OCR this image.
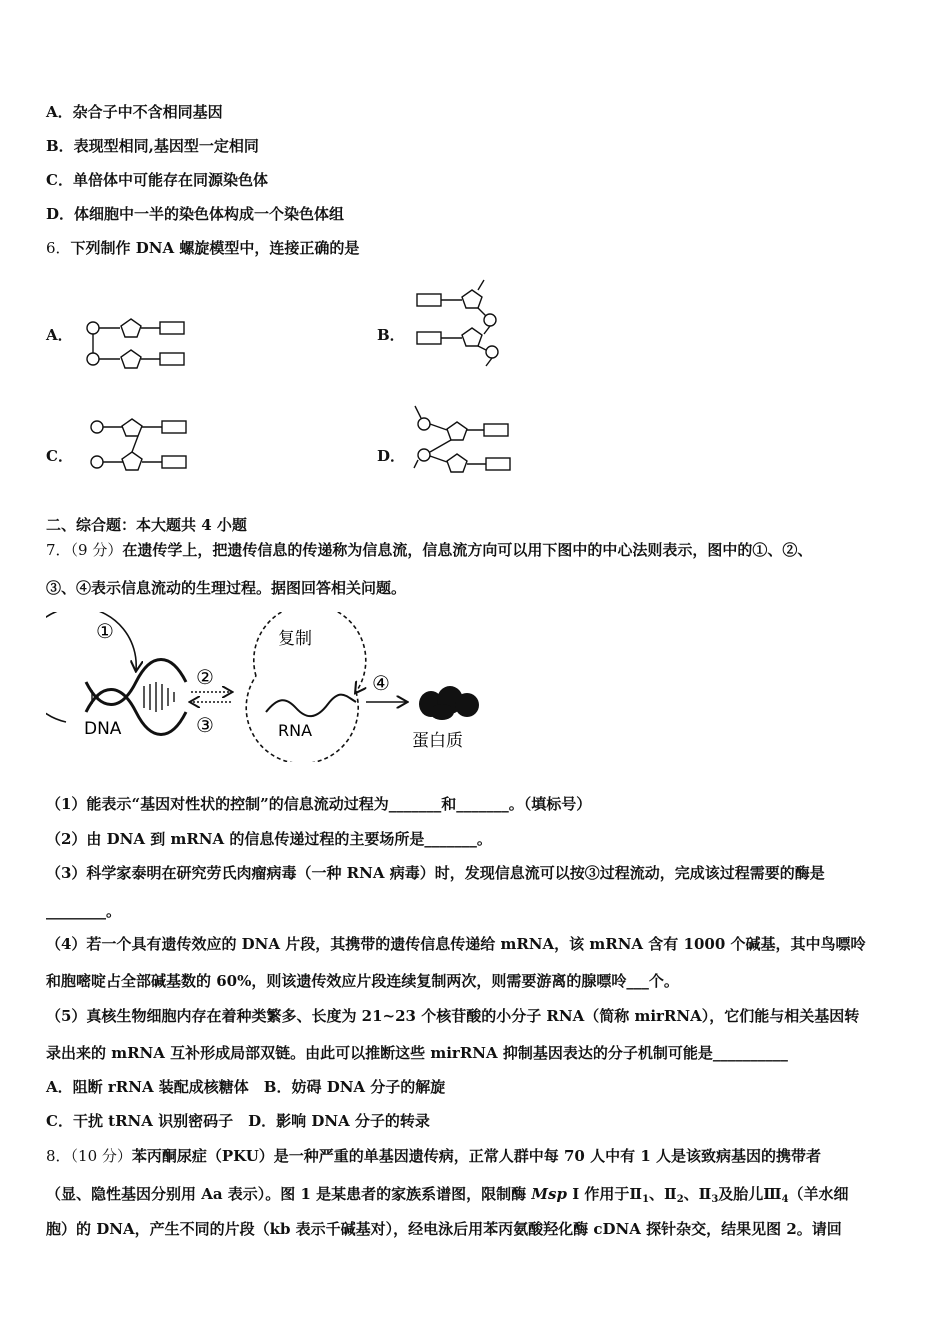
A．杂合子中不含相同基因
B．表现型相同,基因型一定相同
C．单倍体中可能存在同源染色体
D．体细胞中一半的染色体构成一个染色体组
6．下列制作 DNA 螺旋模型中，连接正确的是
A．	B．
C．	D．
二、综合题：本大题共 4 小题
7．（9 分）在遗传学上，把遗传信息的传递称为信息流，信息流方向可以用下图中的中心法则表示，图中的①、②、
③、④表示信息流动的生理过程。据图回答相关问题。
①
DNA
②
③
复制
RNA
④
蛋白质
（1）能表示“基因对性状的控制”的信息流动过程为_______和_______。（填标号）
（2）由 DNA 到 mRNA 的信息传递过程的主要场所是_______。
（3）科学家泰明在研究劳氏肉瘤病毒（一种 RNA 病毒）时，发现信息流可以按③过程流动，完成该过程需要的酶是
________。
（4）若一个具有遗传效应的 DNA 片段，其携带的遗传信息传递给 mRNA，该 mRNA 含有 1000 个碱基，其中鸟嘌呤
和胞嘧啶占全部碱基数的 60%，则该遗传效应片段连续复制两次，则需要游离的腺嘌呤___个。
（5）真核生物细胞内存在着种类繁多、长度为 21~23 个核苷酸的小分子 RNA（简称 mirRNA），它们能与相关基因转
录出来的 mRNA 互补形成局部双链。由此可以推断这些 mirRNA 抑制基因表达的分子机制可能是__________
A．阻断 rRNA 装配成核糖体　B．妨碍 DNA 分子的解旋
C．干扰 tRNA 识别密码子　D．影响 DNA 分子的转录
8．（10 分）苯丙酮尿症（PKU）是一种严重的单基因遗传病，正常人群中每 70 人中有 1 人是该致病基因的携带者
（显、隐性基因分别用 Aa 表示）。图 1 是某患者的家族系谱图，限制酶 Msp I 作用于$Ⅱ_1$、$Ⅱ_2$、$Ⅱ_3$及胎儿$Ⅲ_4$（羊水细
胞）的 DNA，产生不同的片段（kb 表示千碱基对），经电泳后用苯丙氨酸羟化酶 cDNA 探针杂交，结果见图 2。请回
